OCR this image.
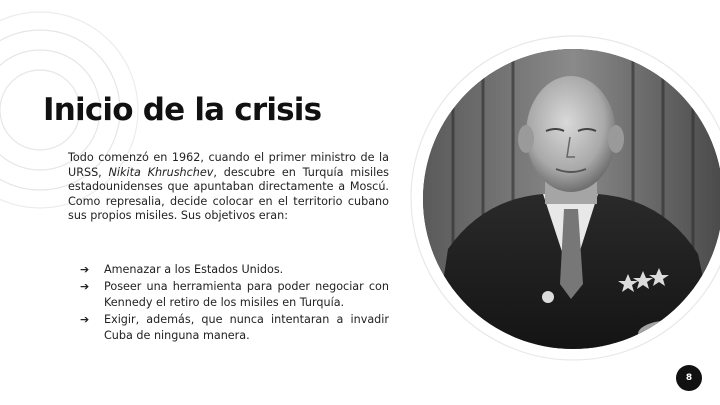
Inicio de la crisis

Todo comenzó en 1962, cuando el primer ministro de la URSS, Nikita Khrushchev, descubre en Turquía misiles estadounidenses que apuntaban directamente a Moscú. Como represalia, decide colocar en el territorio cubano sus propios misiles. Sus objetivos eran:

➔ Amenazar a los Estados Unidos.
➔ Poseer una herramienta para poder negociar con Kennedy el retiro de los misiles en Turquía.
➔ Exigir, además, que nunca intentaran a invadir Cuba de ninguna manera.
8
